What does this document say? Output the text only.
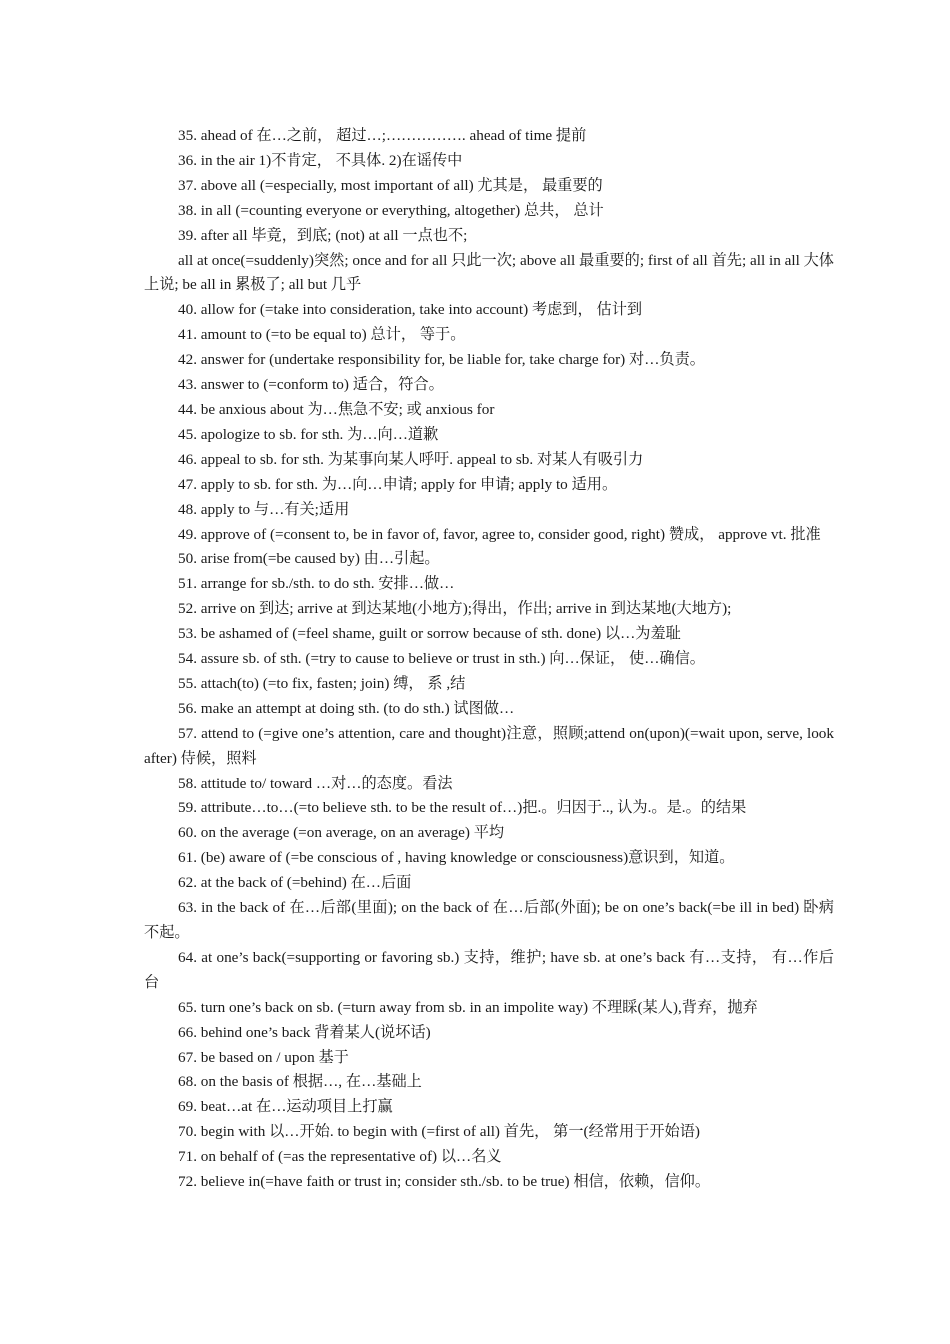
35. ahead of 在…之前， 超过…;……………. ahead of time 提前

36. in the air 1)不肯定， 不具体. 2)在谣传中

37. above all (=especially, most important of all) 尤其是， 最重要的

38. in all (=counting everyone or everything, altogether) 总共， 总计

39. after all 毕竟，到底; (not) at all 一点也不;

all at once(=suddenly)突然; once and for all 只此一次; above all 最重要的; first of all 首先; all in all 大体上说; be all in 累极了; all but 几乎

40. allow for (=take into consideration, take into account) 考虑到， 估计到

41. amount to (=to be equal to) 总计， 等于。

42. answer for (undertake responsibility for, be liable for, take charge for) 对…负责。

43. answer to (=conform to) 适合，符合。

44. be anxious about 为…焦急不安; 或 anxious for

45. apologize to sb. for sth. 为…向…道歉

46. appeal to sb. for sth. 为某事向某人呼吁. appeal to sb. 对某人有吸引力

47. apply to sb. for sth. 为…向…申请; apply for 申请; apply to 适用。

48. apply to 与…有关;适用

49. approve of (=consent to, be in favor of, favor, agree to, consider good, right) 赞成， approve vt. 批准

50. arise from(=be caused by) 由…引起。

51. arrange for sb./sth. to do sth. 安排…做…

52. arrive on 到达; arrive at 到达某地(小地方);得出，作出; arrive in 到达某地(大地方);

53. be ashamed of (=feel shame, guilt or sorrow because of sth. done) 以…为羞耻

54. assure sb. of sth. (=try to cause to believe or trust in sth.) 向…保证， 使…确信。

55. attach(to) (=to fix, fasten; join) 缚， 系 ,结

56. make an attempt at doing sth. (to do sth.) 试图做…

57. attend to (=give one’s attention, care and thought)注意，照顾;attend on(upon)(=wait upon, serve, look after) 侍候，照料

58. attitude to/ toward …对…的态度。看法

59. attribute…to…(=to believe sth. to be the result of…)把.。归因于.., 认为.。是.。的结果

60. on the average (=on average, on an average) 平均

61. (be) aware of (=be conscious of , having knowledge or consciousness)意识到，知道。

62. at the back of (=behind) 在…后面

63. in the back of 在…后部(里面); on the back of 在…后部(外面); be on one’s back(=be ill in bed) 卧病不起。

64. at one’s back(=supporting or favoring sb.) 支持，维护; have sb. at one’s back 有…支持， 有…作后台

65. turn one’s back on sb. (=turn away from sb. in an impolite way) 不理睬(某人),背弃，抛弃

66. behind one’s back 背着某人(说坏话)

67. be based on / upon 基于

68. on the basis of 根据…, 在…基础上

69. beat…at 在…运动项目上打赢

70. begin with 以…开始. to begin with (=first of all) 首先， 第一(经常用于开始语)

71. on behalf of (=as the representative of) 以…名义

72. believe in(=have faith or trust in; consider sth./sb. to be true) 相信，依赖，信仰。
